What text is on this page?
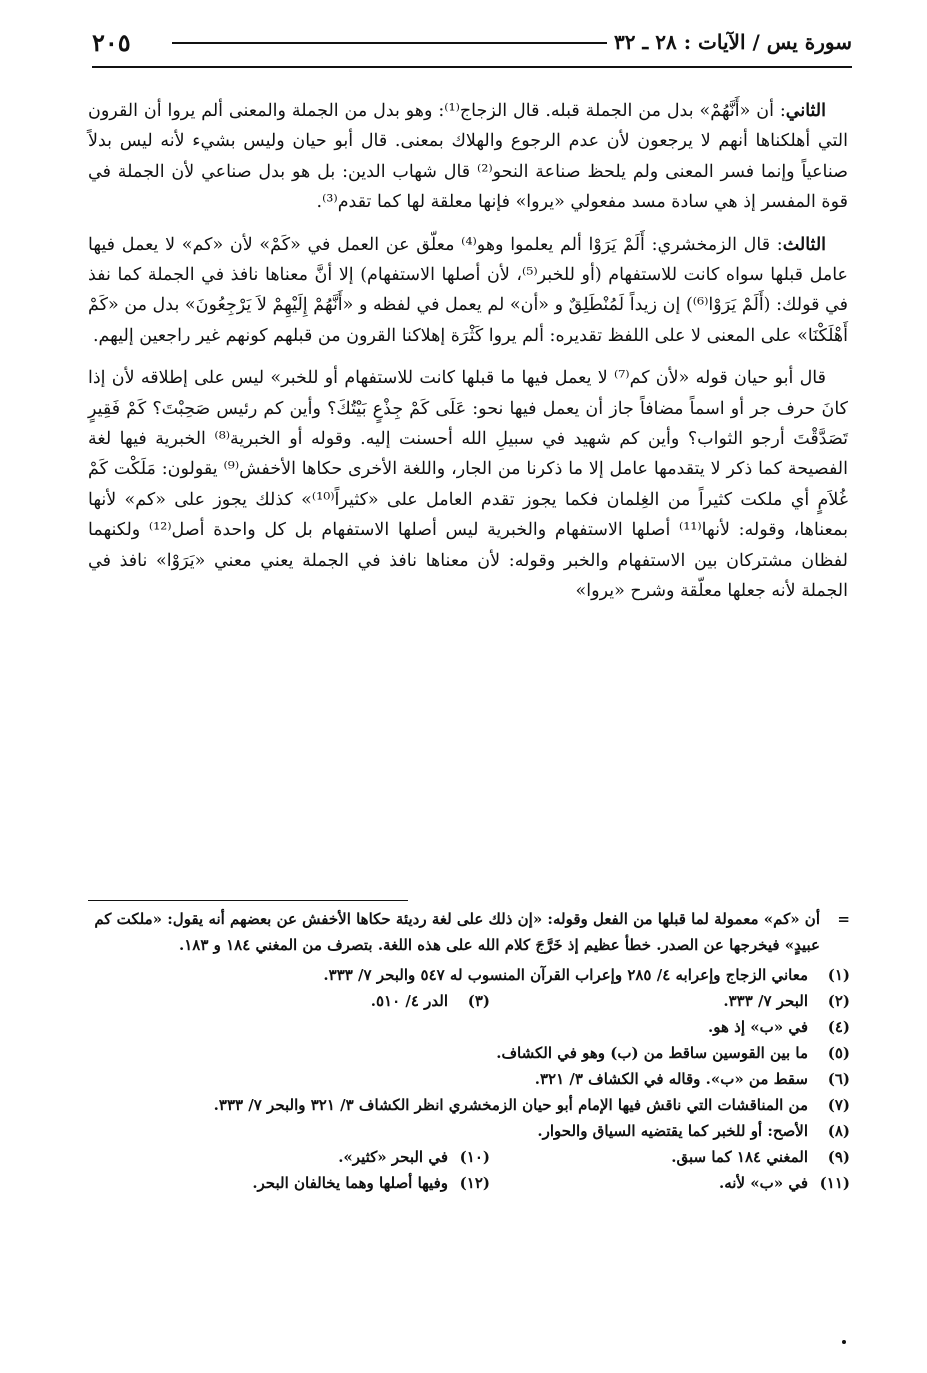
سورة يس / الآيات : ٢٨ ـ ٣٢
٢٠٥

الثاني: أن «أَنَّهُمْ» بدل من الجملة قبله. قال الزجاج⁽¹⁾: وهو بدل من الجملة والمعنى ألم يروا أن القرون التي أهلكناها أنهم لا يرجعون لأن عدم الرجوع والهلاك بمعنى. قال أبو حيان وليس بشيء لأنه ليس بدلاً صناعياً وإنما فسر المعنى ولم يلحظ صناعة النحو⁽²⁾ قال شهاب الدين: بل هو بدل صناعي لأن الجملة في قوة المفسر إذ هي سادة مسد مفعولي «يروا» فإنها معلقة لها كما تقدم⁽³⁾.

الثالث: قال الزمخشري: أَلَمْ يَرَوْا ألم يعلموا وهو⁽⁴⁾ معلّق عن العمل في «كَمْ» لأن «كم» لا يعمل فيها عامل قبلها سواه كانت للاستفهام (أو للخبر⁽⁵⁾، لأن أصلها الاستفهام) إلا أنَّ معناها نافذ في الجملة كما نفذ في قولك: (أَلَمْ يَرَوْا⁽⁶⁾) إن زيداً لَمُنْطَلِقٌ و «أن» لم يعمل في لفظه و «أَنَّهُمْ إِلَيْهِمْ لاَ يَرْجِعُونَ» بدل من «كَمْ أَهْلَكْنَا» على المعنى لا على اللفظ تقديره: ألم يروا كَثْرَة إهلاكنا القرون من قبلهم كونهم غير راجعين إليهم.

قال أبو حيان قوله «لأن كم⁽⁷⁾ لا يعمل فيها ما قبلها كانت للاستفهام أو للخبر» ليس على إطلاقه لأن إذا كانَ حرف جر أو اسماً مضافاً جاز أن يعمل فيها نحو: عَلَى كَمْ جِذْعٍ بَيْتُكَ؟ وأين كم رئيس صَحِبْتَ؟ كَمْ فَقِيرٍ تَصَدَّقْتَ أرجو الثواب؟ وأين كم شهيد في سبيلِ الله أحسنت إليه. وقوله أو الخبرية⁽⁸⁾ الخبرية فيها لغة الفصيحة كما ذكر لا يتقدمها عامل إلا ما ذكرنا من الجار، واللغة الأخرى حكاها الأخفش⁽⁹⁾ يقولون: مَلَكْت كَمْ غُلاَمٍ أي ملكت كثيراً من الغِلمان فكما يجوز تقدم العامل على «كثيراً⁽¹⁰⁾» كذلك يجوز على «كم» لأنها بمعناها، وقوله: لأنها⁽¹¹⁾ أصلها الاستفهام والخبرية ليس أصلها الاستفهام بل كل واحدة أصل⁽¹²⁾ ولكنهما لفظان مشتركان بين الاستفهام والخبر وقوله: لأن معناها نافذ في الجملة يعني معني «يَرَوْا» نافذ في الجملة لأنه جعلها معلّقة وشرح «يروا»

=
أن «كم» معمولة لما قبلها من الفعل وقوله: «إن ذلك على لغة رديئة حكاها الأخفش عن بعضهم أنه يقول: «ملكت كم عبيدٍ» فيخرجها عن الصدر. خطأ عظيم إذ خَرَّجَ كلام الله على هذه اللغة. بتصرف من المغني ١٨٤ و ١٨٣.
(١)
معاني الزجاج وإعرابه ٤/ ٢٨٥ وإعراب القرآن المنسوب له ٥٤٧ والبحر ٧/ ٣٣٣.
(٢)
البحر ٧/ ٣٣٣.
(٣)
الدر ٤/ ٥١٠.
(٤)
في «ب» إذ هو.
(٥)
ما بين القوسين ساقط من (ب) وهو في الكشاف.
(٦)
سقط من «ب». وقاله في الكشاف ٣/ ٣٢١.
(٧)
من المناقشات التي ناقش فيها الإمام أبو حيان الزمخشري انظر الكشاف ٣/ ٣٢١ والبحر ٧/ ٣٣٣.
(٨)
الأصح: أو للخبر كما يقتضيه السياق والحوار.
(٩)
المغني ١٨٤ كما سبق.
(١٠)
في البحر «كثير».
(١١)
في «ب» لأنه.
(١٢)
وفيها أصلها وهما يخالفان البحر.
